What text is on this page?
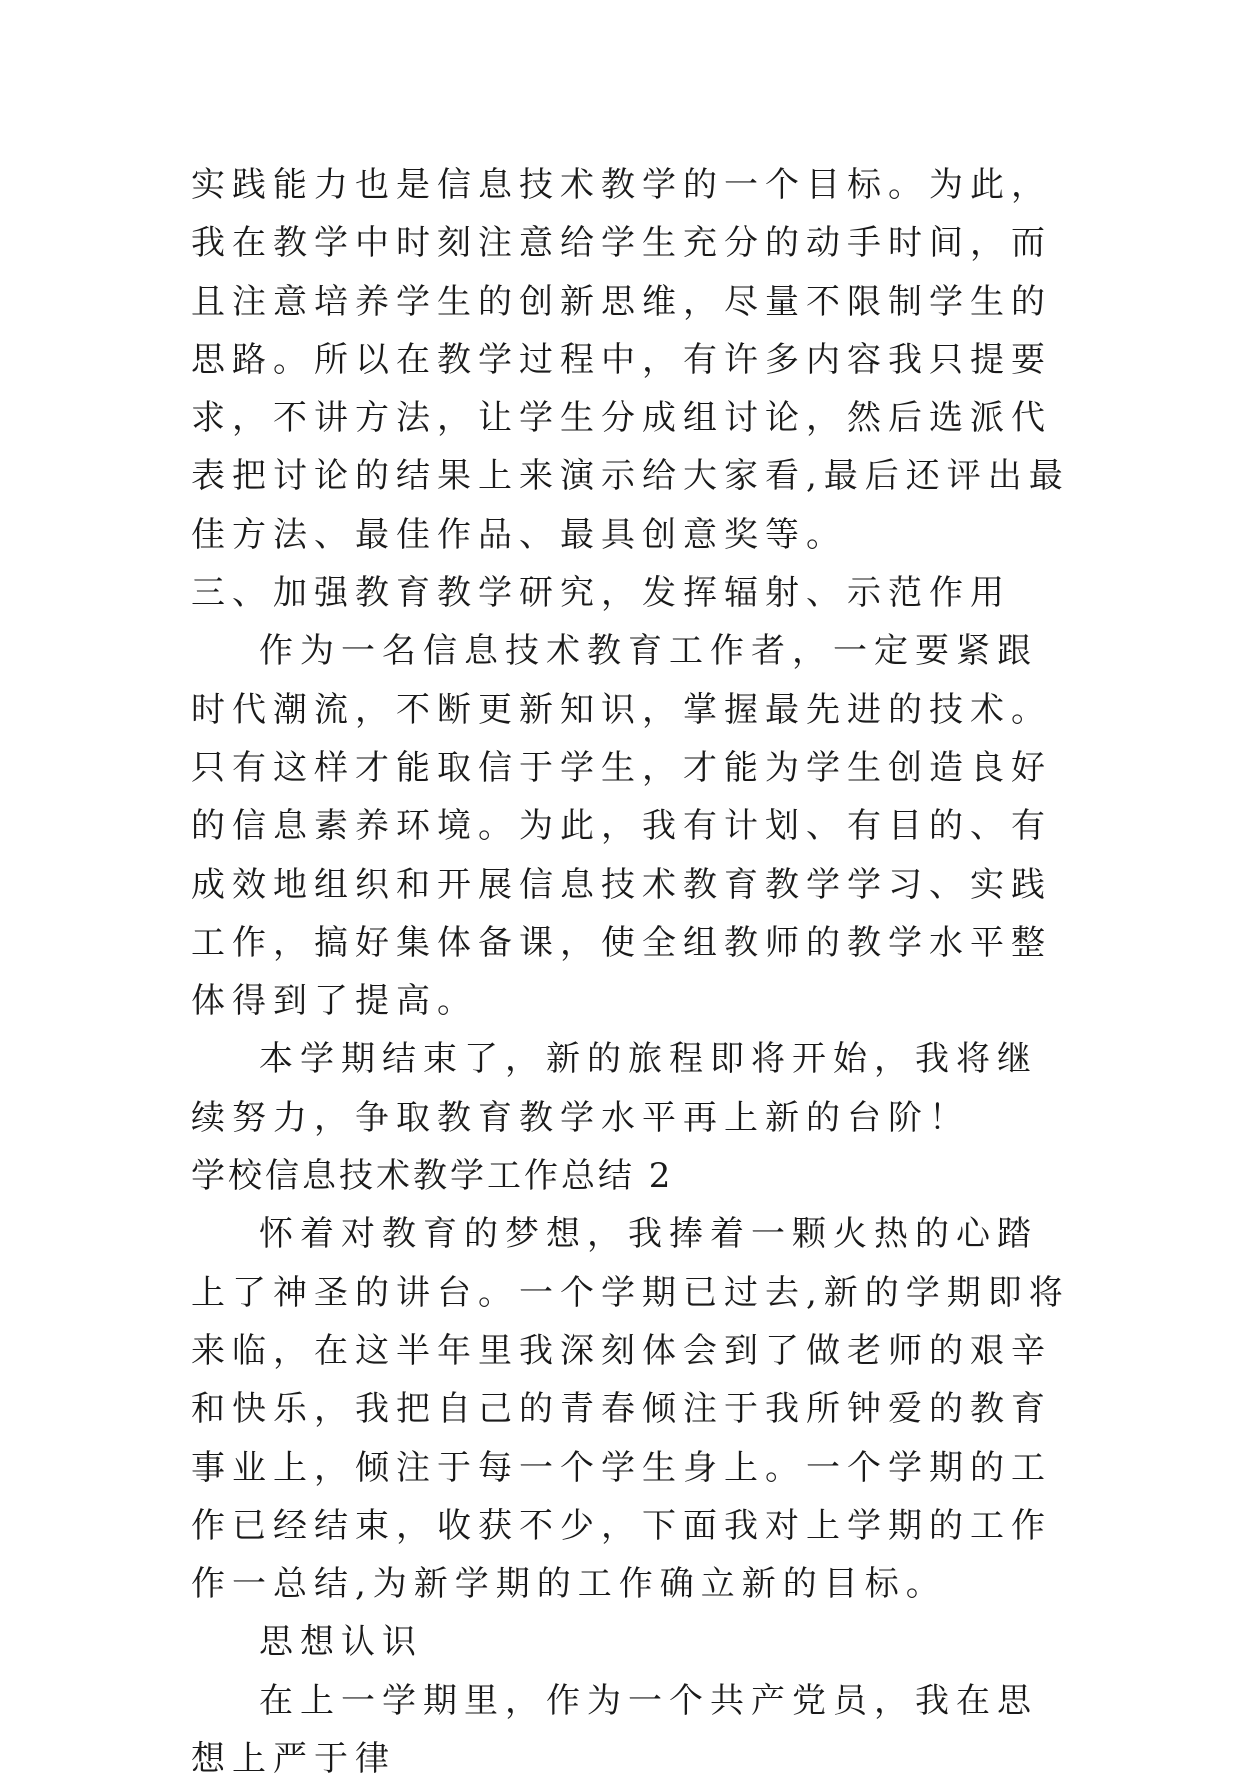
实践能力也是信息技术教学的一个目标。为此，我在教学中时刻注意给学生充分的动手时间，而且注意培养学生的创新思维，尽量不限制学生的思路。所以在教学过程中，有许多内容我只提要求，不讲方法，让学生分成组讨论，然后选派代表把讨论的结果上来演示给大家看,最后还评出最佳方法、最佳作品、最具创意奖等。

三、加强教育教学研究，发挥辐射、示范作用

作为一名信息技术教育工作者，一定要紧跟时代潮流，不断更新知识，掌握最先进的技术。只有这样才能取信于学生，才能为学生创造良好的信息素养环境。为此，我有计划、有目的、有成效地组织和开展信息技术教育教学学习、实践工作，搞好集体备课，使全组教师的教学水平整体得到了提高。

本学期结束了，新的旅程即将开始，我将继续努力，争取教育教学水平再上新的台阶！

学校信息技术教学工作总结 2

怀着对教育的梦想，我捧着一颗火热的心踏上了神圣的讲台。一个学期已过去,新的学期即将来临，在这半年里我深刻体会到了做老师的艰辛和快乐，我把自己的青春倾注于我所钟爱的教育事业上，倾注于每一个学生身上。一个学期的工作已经结束，收获不少，下面我对上学期的工作作一总结,为新学期的工作确立新的目标。

思想认识

在上一学期里，作为一个共产党员，我在思想上严于律
